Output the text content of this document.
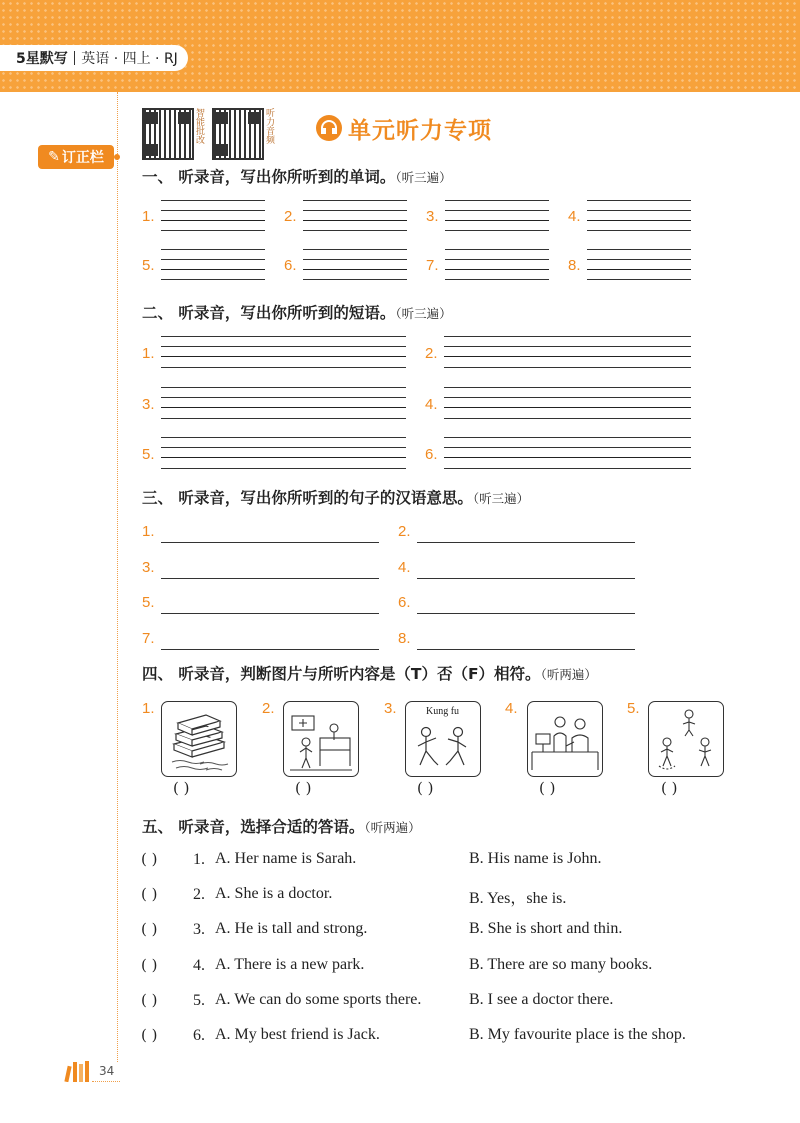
5星默写 英语 · 四上 · RJ
✎ 订正栏
智能批改	听力音频	单元听力专项
一、 听录音，写出你所听到的单词。（听三遍）
1.	2.	3.	4.
5.	6.	7.	8.
二、 听录音，写出你所听到的短语。（听三遍）
1.	2.
3.	4.
5.	6.
三、 听录音，写出你所听到的句子的汉语意思。（听三遍）
1.	2.
3.	4.
5.	6.
7.	8.
四、 听录音，判断图片与所听内容是（T）否（F）相符。（听两遍）
1.	2.	3.	Kung fu	4.	5.
( )	( )	( )	( )	( )
五、 听录音，选择合适的答语。（听两遍）
( ) 1. A. Her name is Sarah.	B. His name is John.
( ) 2. A. She is a doctor.	B. Yes，she is.
( ) 3. A. He is tall and strong.	B. She is short and thin.
( ) 4. A. There is a new park.	B. There are so many books.
( ) 5. A. We can do some sports there.	B. I see a doctor there.
( ) 6. A. My best friend is Jack.	B. My favourite place is the shop.
34
